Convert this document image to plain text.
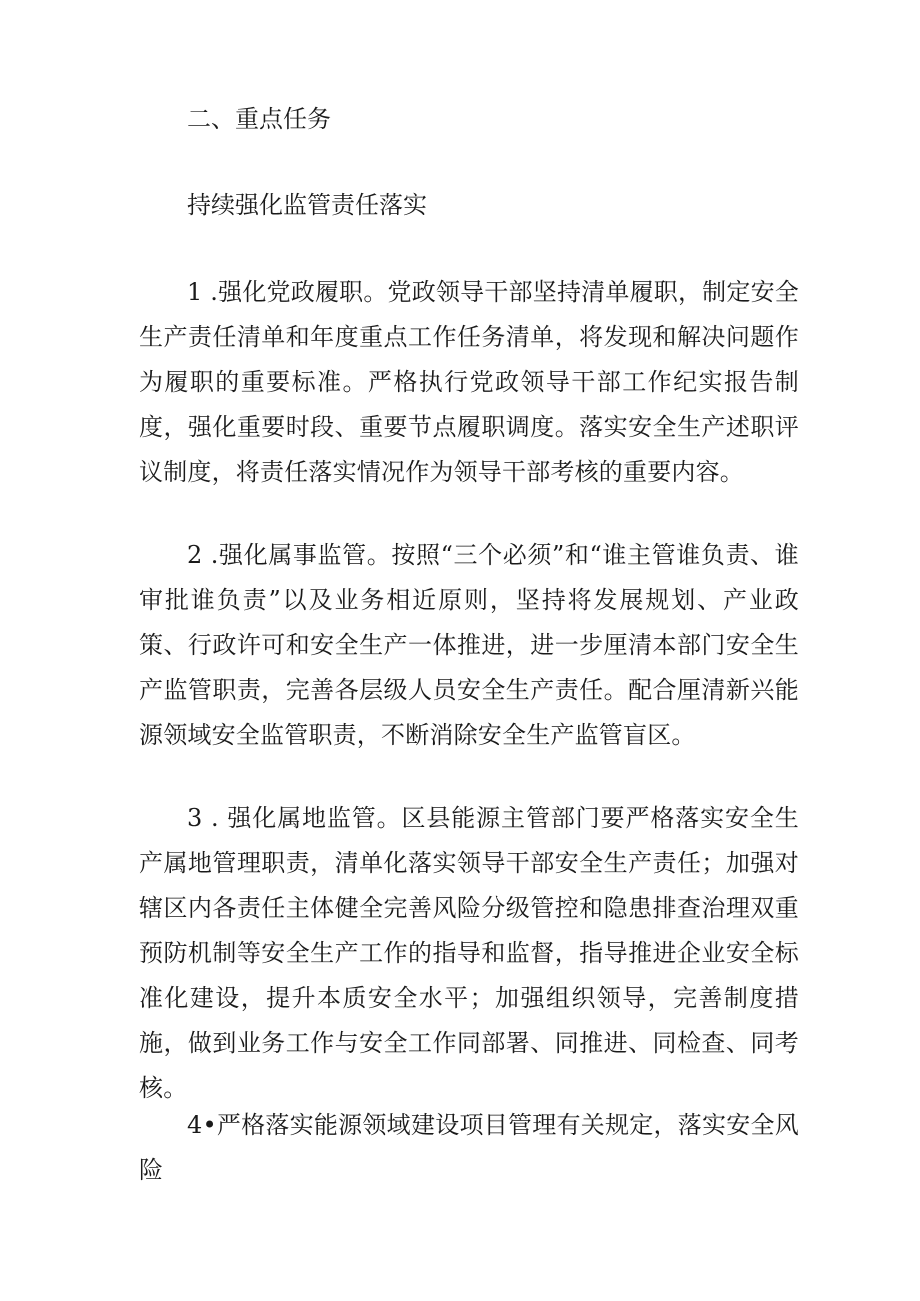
二、重点任务
持续强化监管责任落实

1 .强化党政履职。党政领导干部坚持清单履职，制定安全生产责任清单和年度重点工作任务清单，将发现和解决问题作为履职的重要标准。严格执行党政领导干部工作纪实报告制度，强化重要时段、重要节点履职调度。落实安全生产述职评议制度，将责任落实情况作为领导干部考核的重要内容。

2 .强化属事监管。按照“三个必须”和“谁主管谁负责、谁审批谁负责”以及业务相近原则，坚持将发展规划、产业政策、行政许可和安全生产一体推进，进一步厘清本部门安全生产监管职责，完善各层级人员安全生产责任。配合厘清新兴能源领域安全监管职责，不断消除安全生产监管盲区。

3 . 强化属地监管。区县能源主管部门要严格落实安全生产属地管理职责，清单化落实领导干部安全生产责任；加强对辖区内各责任主体健全完善风险分级管控和隐患排查治理双重预防机制等安全生产工作的指导和监督，指导推进企业安全标准化建设，提升本质安全水平；加强组织领导，完善制度措施，做到业务工作与安全工作同部署、同推进、同检查、同考核。

4•严格落实能源领域建设项目管理有关规定，落实安全风险
